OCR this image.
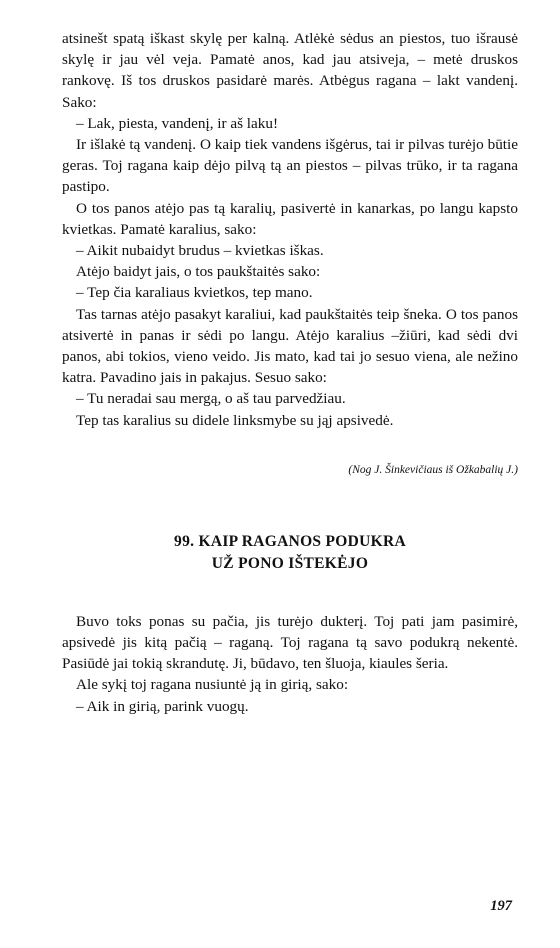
atsinešt spatą iškast skylę per kalną. Atlėkė sėdus an piestos, tuo išrausė skylę ir jau vėl veja. Pamatė anos, kad jau atsiveja, – metė druskos rankovę. Iš tos druskos pasidarė marės. Atbėgus ragana – lakt vandenį. Sako:

– Lak, piesta, vandenį, ir aš laku!

Ir išlakė tą vandenį. O kaip tiek vandens išgėrus, tai ir pilvas turėjo būtie geras. Toj ragana kaip dėjo pilvą tą an piestos – pilvas trūko, ir ta ragana pastipo.

O tos panos atėjo pas tą karalių, pasivertė in kanarkas, po langu kapsto kvietkas. Pamatė karalius, sako:

– Aikit nubaidyt brudus – kvietkas iškas.

Atėjo baidyt jais, o tos paukštaitės sako:

– Tep čia karaliaus kvietkos, tep mano.

Tas tarnas atėjo pasakyt karaliui, kad paukštaitės teip šneka. O tos panos atsivertė in panas ir sėdi po langu. Atėjo karalius –žiūri, kad sėdi dvi panos, abi tokios, vieno veido. Jis mato, kad tai jo sesuo viena, ale nežino katra. Pavadino jais in pakajus. Sesuo sako:

– Tu neradai sau mergą, o aš tau parvedžiau.

Tep tas karalius su didele linksmybe su jąj apsivedė.

(Nog J. Šinkevičiaus iš Ožkabalių J.)

99. KAIP RAGANOS PODUKRA
UŽ PONO IŠTEKĖJO

Buvo toks ponas su pačia, jis turėjo dukterį. Toj pati jam pasimirė, apsivedė jis kitą pačią – raganą. Toj ragana tą savo podukrą nekentė. Pasiūdė jai tokią skrandutę. Ji, būdavo, ten šluoja, kiaules šeria.

Ale sykį toj ragana nusiuntė ją in girią, sako:

– Aik in girią, parink vuogų.

197
